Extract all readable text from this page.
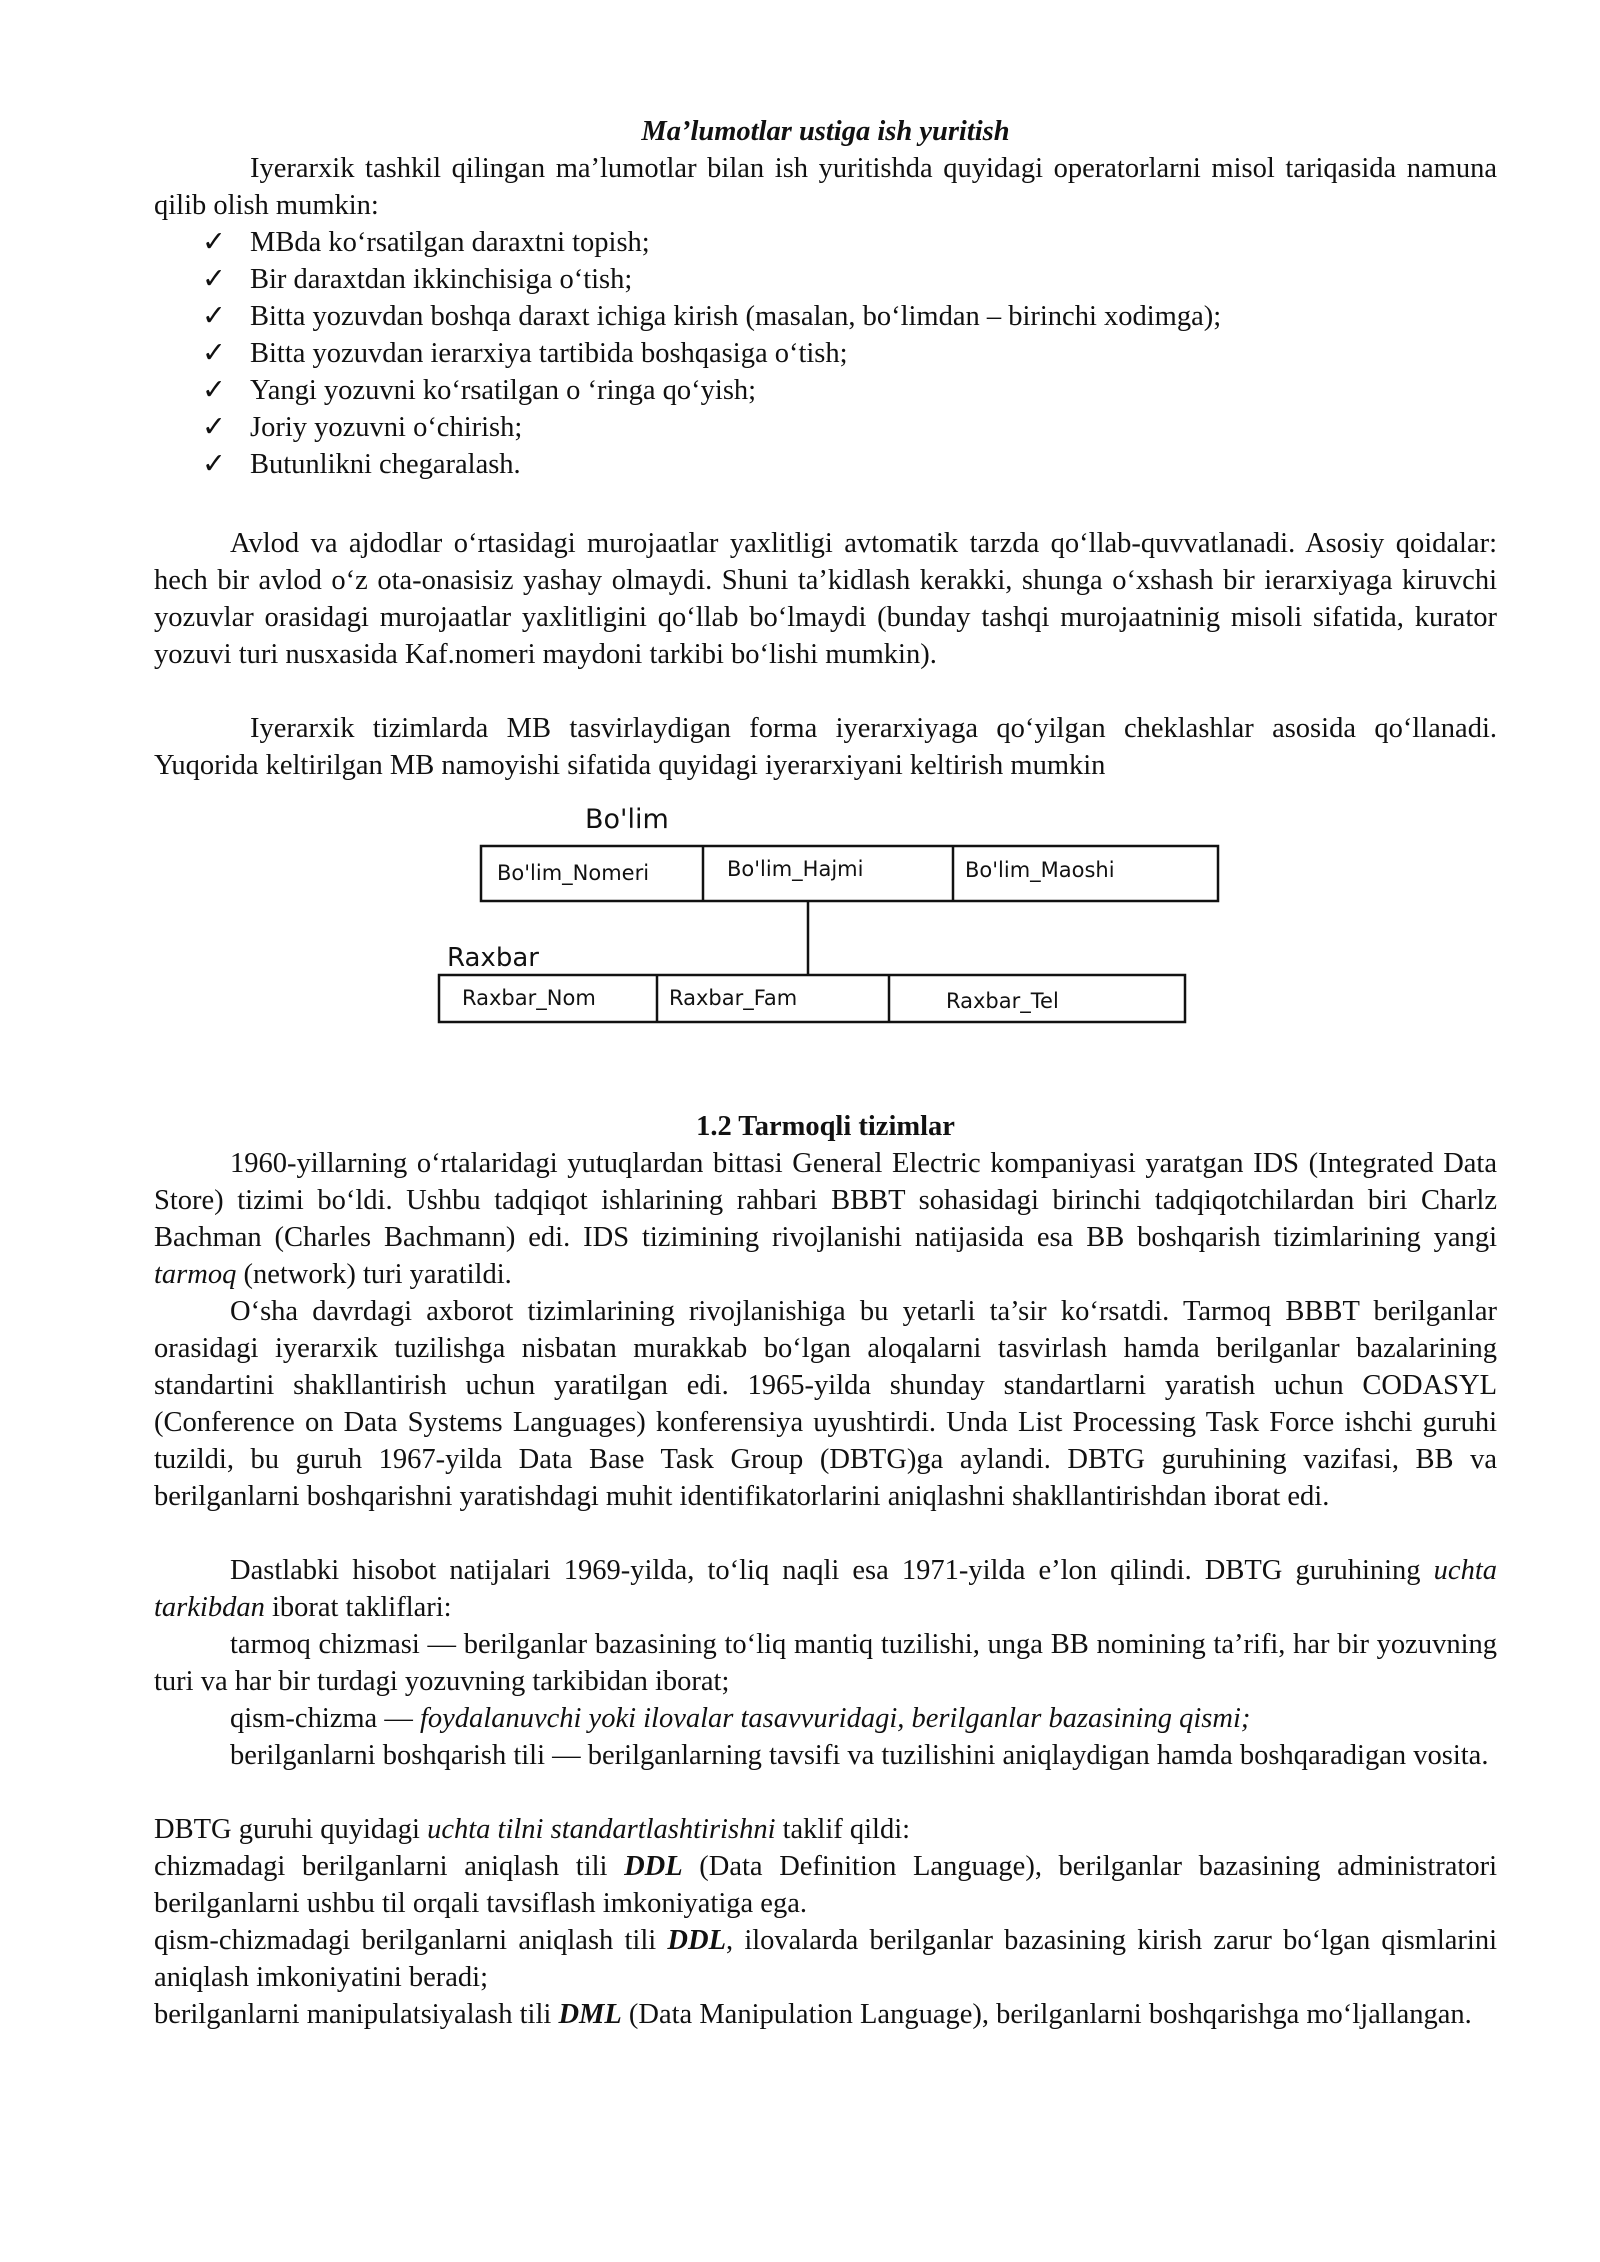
Ma’lumotlar ustiga ish yuritish
Iyerarxik tashkil qilingan ma’lumotlar bilan ish yuritishda quyidagi operatorlarni misol tariqasida namuna qilib olish mumkin:
✓ MBda ko‘rsatilgan daraxtni topish;
✓ Bir daraxtdan ikkinchisiga o‘tish;
✓ Bitta yozuvdan boshqa daraxt ichiga kirish (masalan, bo‘limdan – birinchi xodimga);
✓ Bitta yozuvdan ierarxiya tartibida boshqasiga o‘tish;
✓ Yangi yozuvni ko‘rsatilgan o ‘ringa qo‘yish;
✓ Joriy yozuvni o‘chirish;
✓ Butunlikni chegaralash.
Avlod va ajdodlar o‘rtasidagi murojaatlar yaxlitligi avtomatik tarzda qo‘llab-quvvatlanadi. Asosiy qoidalar: hech bir avlod o‘z ota-onasisiz yashay olmaydi. Shuni ta’kidlash kerakki, shunga o‘xshash bir ierarxiyaga kiruvchi yozuvlar orasidagi murojaatlar yaxlitligini qo‘llab bo‘lmaydi (bunday tashqi murojaatninig misoli sifatida, kurator yozuvi turi nusxasida Kaf.nomeri maydoni tarkibi bo‘lishi mumkin).
Iyerarxik tizimlarda MB tasvirlaydigan forma iyerarxiyaga qo‘yilgan cheklashlar asosida qo‘llanadi. Yuqorida keltirilgan MB namoyishi sifatida quyidagi iyerarxiyani keltirish mumkin
Bo'lim
Bo'lim_Nomeri	Bo'lim_Hajmi	Bo'lim_Maoshi
Raxbar
Raxbar_Nom	Raxbar_Fam	Raxbar_Tel
1.2 Tarmoqli tizimlar
1960-yillarning o‘rtalaridagi yutuqlardan bittasi General Electric kompaniyasi yaratgan IDS (Integrated Data Store) tizimi bo‘ldi. Ushbu tadqiqot ishlarining rahbari BBBT sohasidagi birinchi tadqiqotchilardan biri Charlz Bachman (Charles Bachmann) edi. IDS tizimining rivojlanishi natijasida esa BB boshqarish tizimlarining yangi tarmoq (network) turi yaratildi.
O‘sha davrdagi axborot tizimlarining rivojlanishiga bu yetarli ta’sir ko‘rsatdi. Tarmoq BBBT berilganlar orasidagi iyerarxik tuzilishga nisbatan murakkab bo‘lgan aloqalarni tasvirlash hamda berilganlar bazalarining standartini shakllantirish uchun yaratilgan edi. 1965-yilda shunday standartlarni yaratish uchun CODASYL (Conference on Data Systems Languages) konferensiya uyushtirdi. Unda List Processing Task Force ishchi guruhi tuzildi, bu guruh 1967-yilda Data Base Task Group (DBTG)ga aylandi. DBTG guruhining vazifasi, BB va berilganlarni boshqarishni yaratishdagi muhit identifikatorlarini aniqlashni shakllantirishdan iborat edi.
Dastlabki hisobot natijalari 1969-yilda, to‘liq naqli esa 1971-yilda e’lon qilindi. DBTG guruhining uchta tarkibdan iborat takliflari:
tarmoq chizmasi — berilganlar bazasining to‘liq mantiq tuzilishi, unga BB nomining ta’rifi, har bir yozuvning turi va har bir turdagi yozuvning tarkibidan iborat;
qism-chizma — foydalanuvchi yoki ilovalar tasavvuridagi, berilganlar bazasining qismi;
berilganlarni boshqarish tili — berilganlarning tavsifi va tuzilishini aniqlaydigan hamda boshqaradigan vosita.
DBTG guruhi quyidagi uchta tilni standartlashtirishni taklif qildi:
chizmadagi berilganlarni aniqlash tili DDL (Data Definition Language), berilganlar bazasining administratori berilganlarni ushbu til orqali tavsiflash imkoniyatiga ega.
qism-chizmadagi berilganlarni aniqlash tili DDL, ilovalarda berilganlar bazasining kirish zarur bo‘lgan qismlarini aniqlash imkoniyatini beradi;
berilganlarni manipulatsiyalash tili DML (Data Manipulation Language), berilganlarni boshqarishga mo‘ljallangan.
